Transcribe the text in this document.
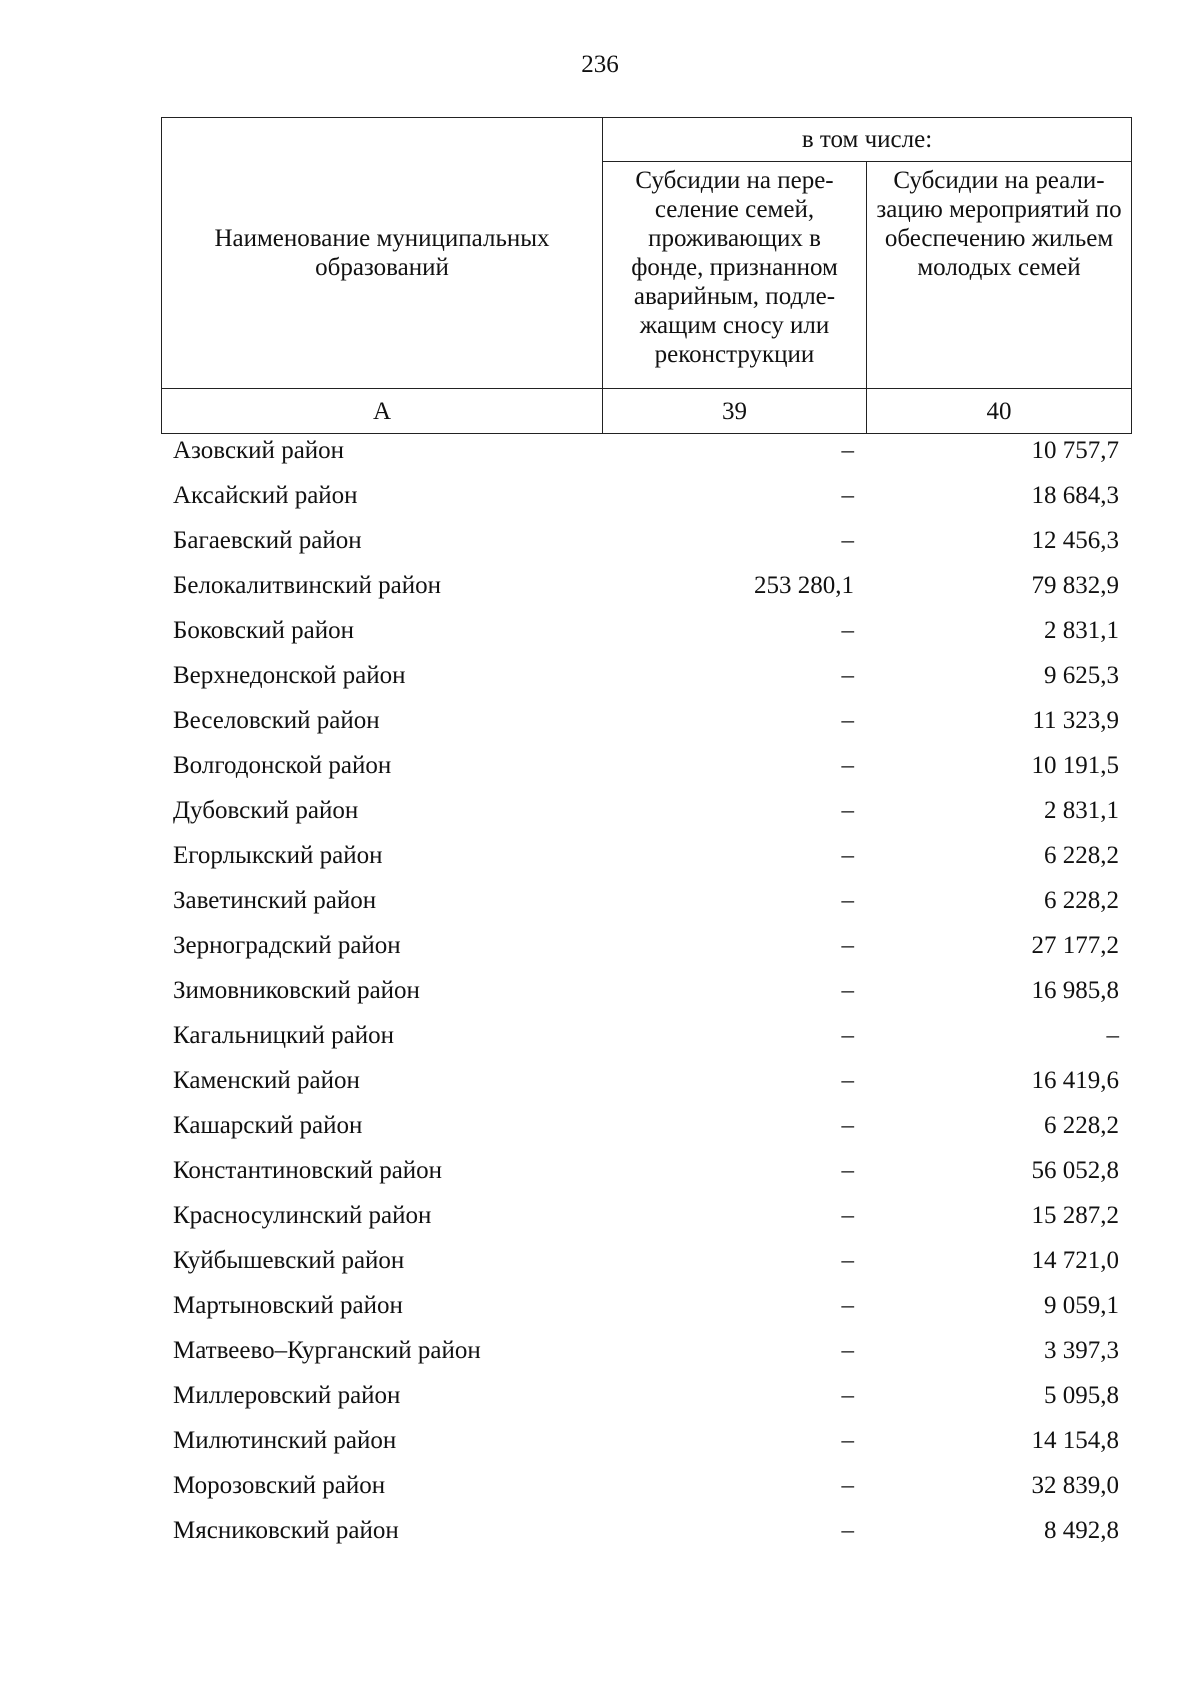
236
Наименование муниципальных образований	в том числе:	
	Субсидии на пере-селение семей, проживающих в фонде, признанном аварийным, подле-жащим сносу или реконструкции	Субсидии на реали-зацию мероприятий по обеспечению жильем молодых семей
А	39	40
Азовский район	–	10 757,7
Аксайский район	–	18 684,3
Багаевский район	–	12 456,3
Белокалитвинский район	253 280,1	79 832,9
Боковский район	–	2 831,1
Верхнедонской район	–	9 625,3
Веселовский район	–	11 323,9
Волгодонской район	–	10 191,5
Дубовский район	–	2 831,1
Егорлыкский район	–	6 228,2
Заветинский район	–	6 228,2
Зерноградский район	–	27 177,2
Зимовниковский район	–	16 985,8
Кагальницкий район	–	–
Каменский район	–	16 419,6
Кашарский район	–	6 228,2
Константиновский район	–	56 052,8
Красносулинский район	–	15 287,2
Куйбышевский район	–	14 721,0
Мартыновский район	–	9 059,1
Матвеево–Курганский район	–	3 397,3
Миллеровский район	–	5 095,8
Милютинский район	–	14 154,8
Морозовский район	–	32 839,0
Мясниковский район	–	8 492,8
